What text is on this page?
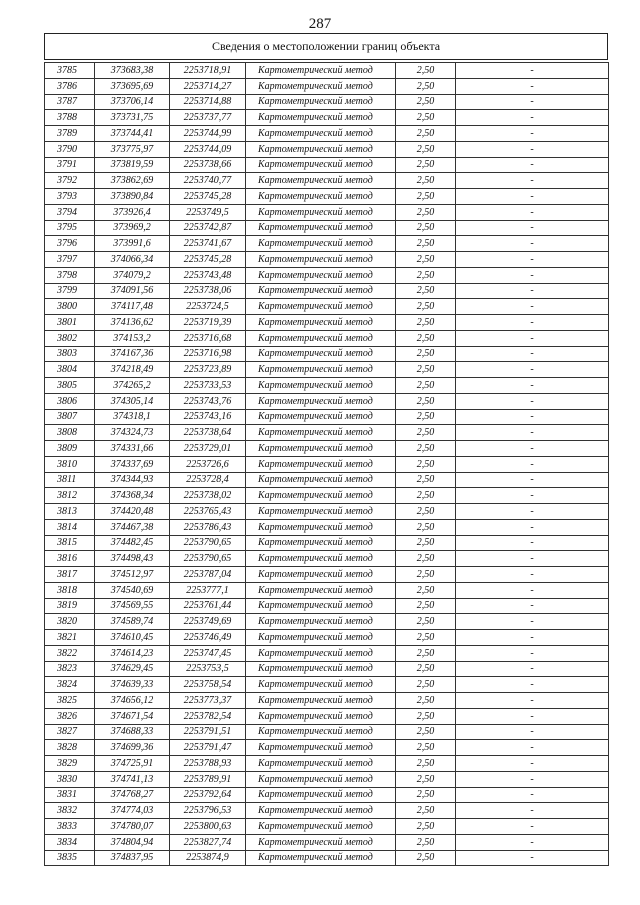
287
Сведения о местоположении границ объекта
3785	373683,38	2253718,91	Картометрический метод	2,50	-
3786	373695,69	2253714,27	Картометрический метод	2,50	-
3787	373706,14	2253714,88	Картометрический метод	2,50	-
3788	373731,75	2253737,77	Картометрический метод	2,50	-
3789	373744,41	2253744,99	Картометрический метод	2,50	-
3790	373775,97	2253744,09	Картометрический метод	2,50	-
3791	373819,59	2253738,66	Картометрический метод	2,50	-
3792	373862,69	2253740,77	Картометрический метод	2,50	-
3793	373890,84	2253745,28	Картометрический метод	2,50	-
3794	373926,4	2253749,5	Картометрический метод	2,50	-
3795	373969,2	2253742,87	Картометрический метод	2,50	-
3796	373991,6	2253741,67	Картометрический метод	2,50	-
3797	374066,34	2253745,28	Картометрический метод	2,50	-
3798	374079,2	2253743,48	Картометрический метод	2,50	-
3799	374091,56	2253738,06	Картометрический метод	2,50	-
3800	374117,48	2253724,5	Картометрический метод	2,50	-
3801	374136,62	2253719,39	Картометрический метод	2,50	-
3802	374153,2	2253716,68	Картометрический метод	2,50	-
3803	374167,36	2253716,98	Картометрический метод	2,50	-
3804	374218,49	2253723,89	Картометрический метод	2,50	-
3805	374265,2	2253733,53	Картометрический метод	2,50	-
3806	374305,14	2253743,76	Картометрический метод	2,50	-
3807	374318,1	2253743,16	Картометрический метод	2,50	-
3808	374324,73	2253738,64	Картометрический метод	2,50	-
3809	374331,66	2253729,01	Картометрический метод	2,50	-
3810	374337,69	2253726,6	Картометрический метод	2,50	-
3811	374344,93	2253728,4	Картометрический метод	2,50	-
3812	374368,34	2253738,02	Картометрический метод	2,50	-
3813	374420,48	2253765,43	Картометрический метод	2,50	-
3814	374467,38	2253786,43	Картометрический метод	2,50	-
3815	374482,45	2253790,65	Картометрический метод	2,50	-
3816	374498,43	2253790,65	Картометрический метод	2,50	-
3817	374512,97	2253787,04	Картометрический метод	2,50	-
3818	374540,69	2253777,1	Картометрический метод	2,50	-
3819	374569,55	2253761,44	Картометрический метод	2,50	-
3820	374589,74	2253749,69	Картометрический метод	2,50	-
3821	374610,45	2253746,49	Картометрический метод	2,50	-
3822	374614,23	2253747,45	Картометрический метод	2,50	-
3823	374629,45	2253753,5	Картометрический метод	2,50	-
3824	374639,33	2253758,54	Картометрический метод	2,50	-
3825	374656,12	2253773,37	Картометрический метод	2,50	-
3826	374671,54	2253782,54	Картометрический метод	2,50	-
3827	374688,33	2253791,51	Картометрический метод	2,50	-
3828	374699,36	2253791,47	Картометрический метод	2,50	-
3829	374725,91	2253788,93	Картометрический метод	2,50	-
3830	374741,13	2253789,91	Картометрический метод	2,50	-
3831	374768,27	2253792,64	Картометрический метод	2,50	-
3832	374774,03	2253796,53	Картометрический метод	2,50	-
3833	374780,07	2253800,63	Картометрический метод	2,50	-
3834	374804,94	2253827,74	Картометрический метод	2,50	-
3835	374837,95	2253874,9	Картометрический метод	2,50	-
